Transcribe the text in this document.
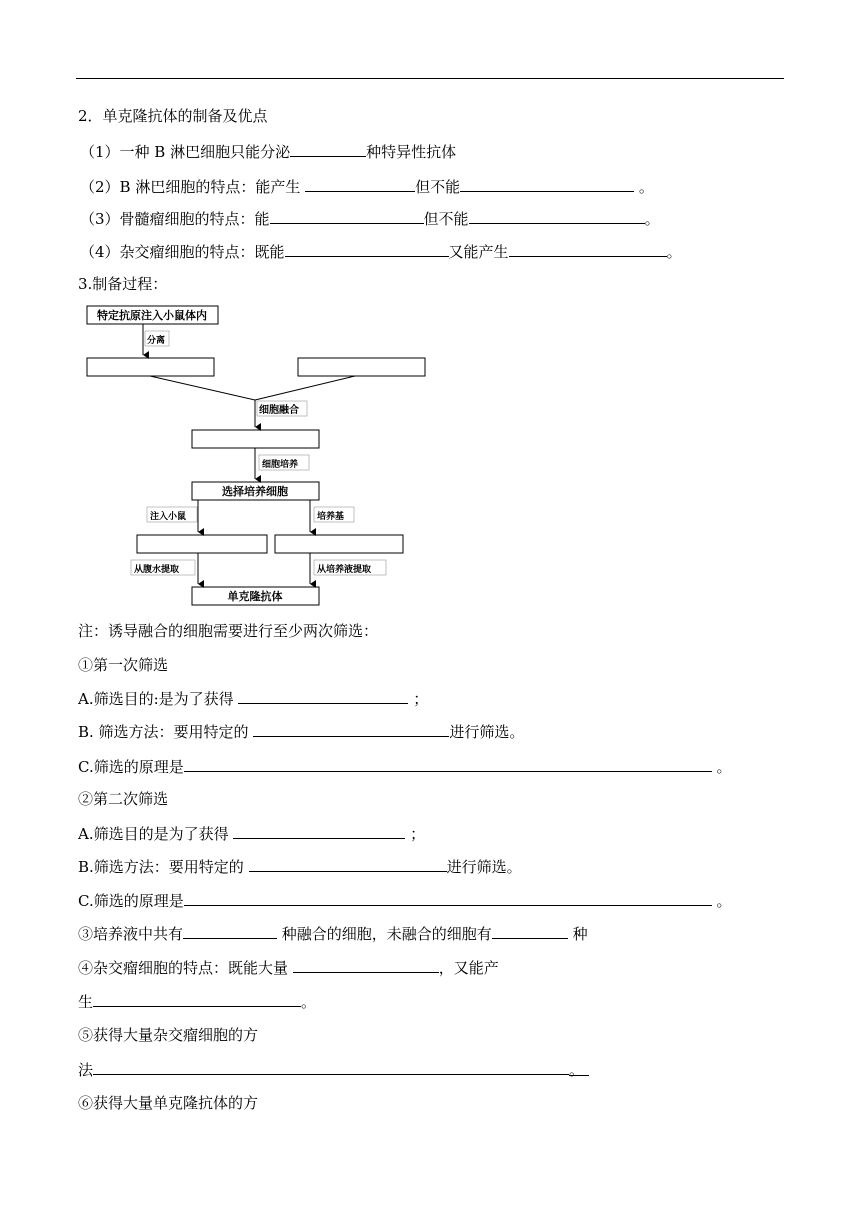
2．单克隆抗体的制备及优点
（1）一种 B 淋巴细胞只能分泌	种特异性抗体
（2）B 淋巴细胞的特点：能产生	但不能	。
（3）骨髓瘤细胞的特点：能	但不能	。
（4）杂交瘤细胞的特点：既能	又能产生	。
3.制备过程：
特定抗原注入小鼠体内
分离
细胞融合
细胞培养
选择培养细胞
注入小鼠	培养基
从腹水提取	从培养液提取
单克隆抗体
注：诱导融合的细胞需要进行至少两次筛选：
①第一次筛选
A.筛选目的:是为了获得	；
B. 筛选方法：要用特定的	进行筛选。
C.筛选的原理是	。
②第二次筛选
A.筛选目的是为了获得	；
B.筛选方法：要用特定的	进行筛选。
C.筛选的原理是	。
③培养液中共有	种融合的细胞，未融合的细胞有	种
④杂交瘤细胞的特点：既能大量	，又能产
生	。
⑤获得大量杂交瘤细胞的方
法	。
⑥获得大量单克隆抗体的方
